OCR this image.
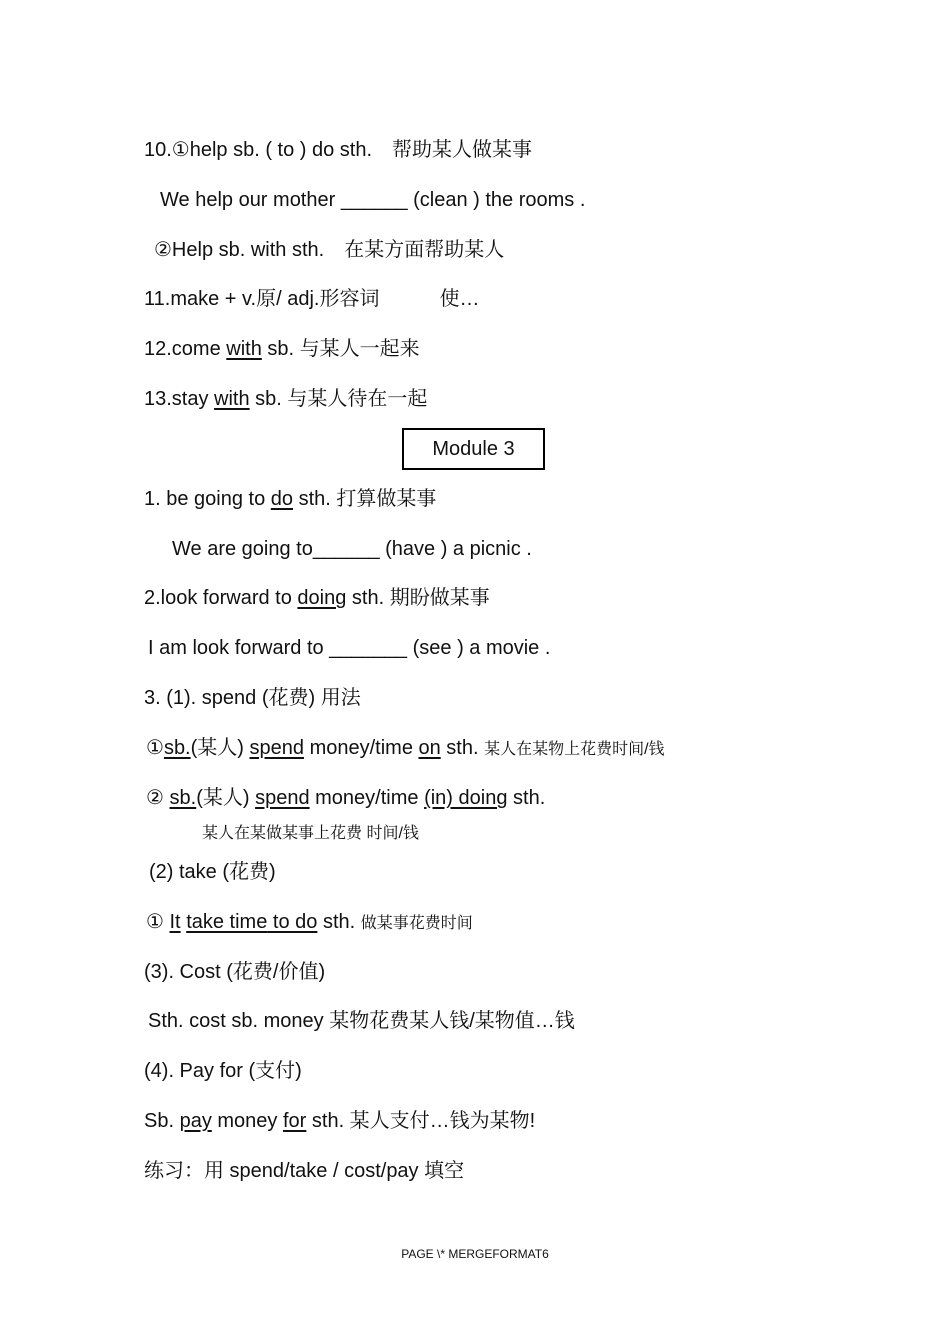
10.①help sb. ( to ) do sth.　帮助某人做某事
We help our mother ______ (clean ) the rooms .
②Help sb. with sth.　在某方面帮助某人
11.make + v.原/ adj.形容词　　　使…
12.come with sb. 与某人一起来
13.stay with sb. 与某人待在一起
Module 3
1. be going to do sth. 打算做某事
We are going to______ (have ) a picnic .
2.look forward to doing sth. 期盼做某事
I am look forward to _______ (see ) a movie .
3. (1). spend (花费) 用法
①sb.(某人) spend money/time on sth. 某人在某物上花费时间/钱
② sb.(某人) spend money/time (in) doing sth.
某人在某做某事上花费 时间/钱
(2) take (花费)
① It take time to do sth. 做某事花费时间
(3). Cost (花费/价值)
Sth. cost sb. money 某物花费某人钱/某物值…钱
(4). Pay for (支付)
Sb. pay money for sth. 某人支付…钱为某物!
练习：用 spend/take / cost/pay 填空
PAGE \* MERGEFORMAT6
